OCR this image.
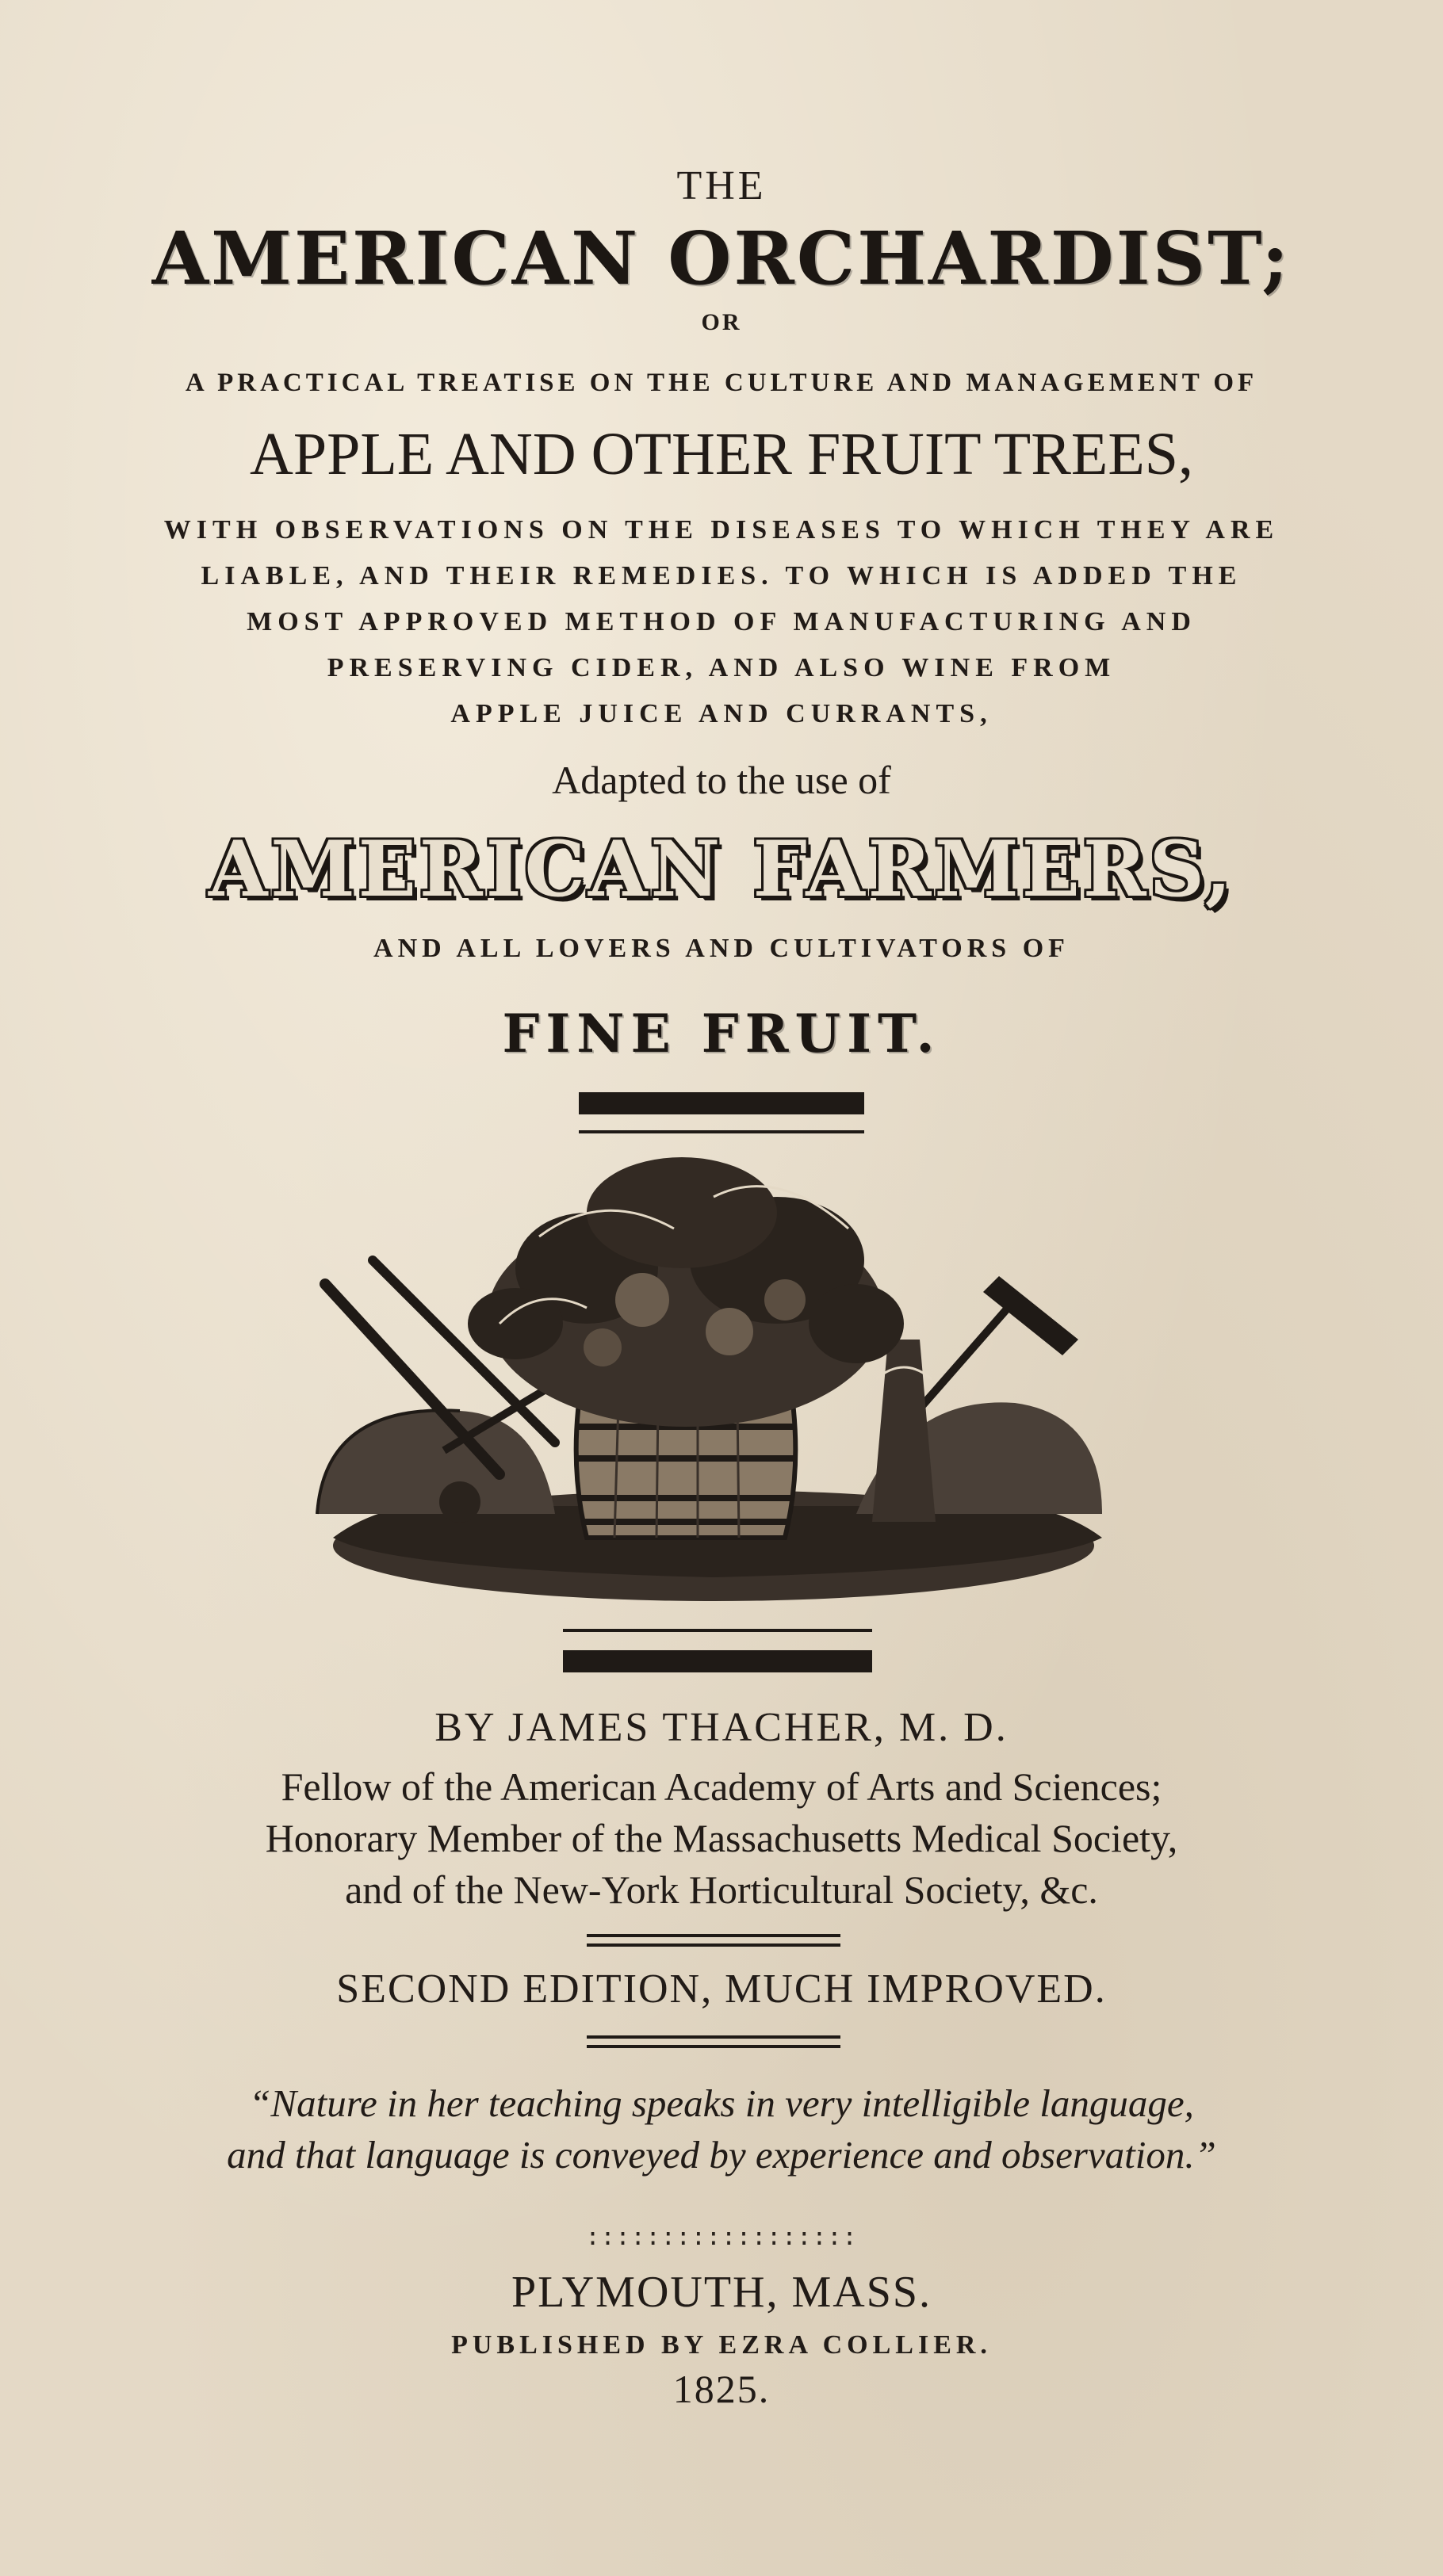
THE
AMERICAN ORCHARDIST;
OR
A PRACTICAL TREATISE ON THE CULTURE AND MANAGEMENT OF
APPLE AND OTHER FRUIT TREES,
WITH OBSERVATIONS ON THE DISEASES TO WHICH THEY ARE
LIABLE, AND THEIR REMEDIES. TO WHICH IS ADDED THE
MOST APPROVED METHOD OF MANUFACTURING AND
PRESERVING CIDER, AND ALSO WINE FROM
APPLE JUICE AND CURRANTS,
Adapted to the use of
AMERICAN FARMERS,
AND ALL LOVERS AND CULTIVATORS OF
FINE FRUIT.
BY JAMES THACHER, M. D.
Fellow of the American Academy of Arts and Sciences;
Honorary Member of the Massachusetts Medical Society,
and of the New-York Horticultural Society, &c.
SECOND EDITION, MUCH IMPROVED.
“Nature in her teaching speaks in very intelligible language,
and that language is conveyed by experience and observation.”
::::::::::::::::::
PLYMOUTH, MASS.
PUBLISHED BY EZRA COLLIER.
1825.
